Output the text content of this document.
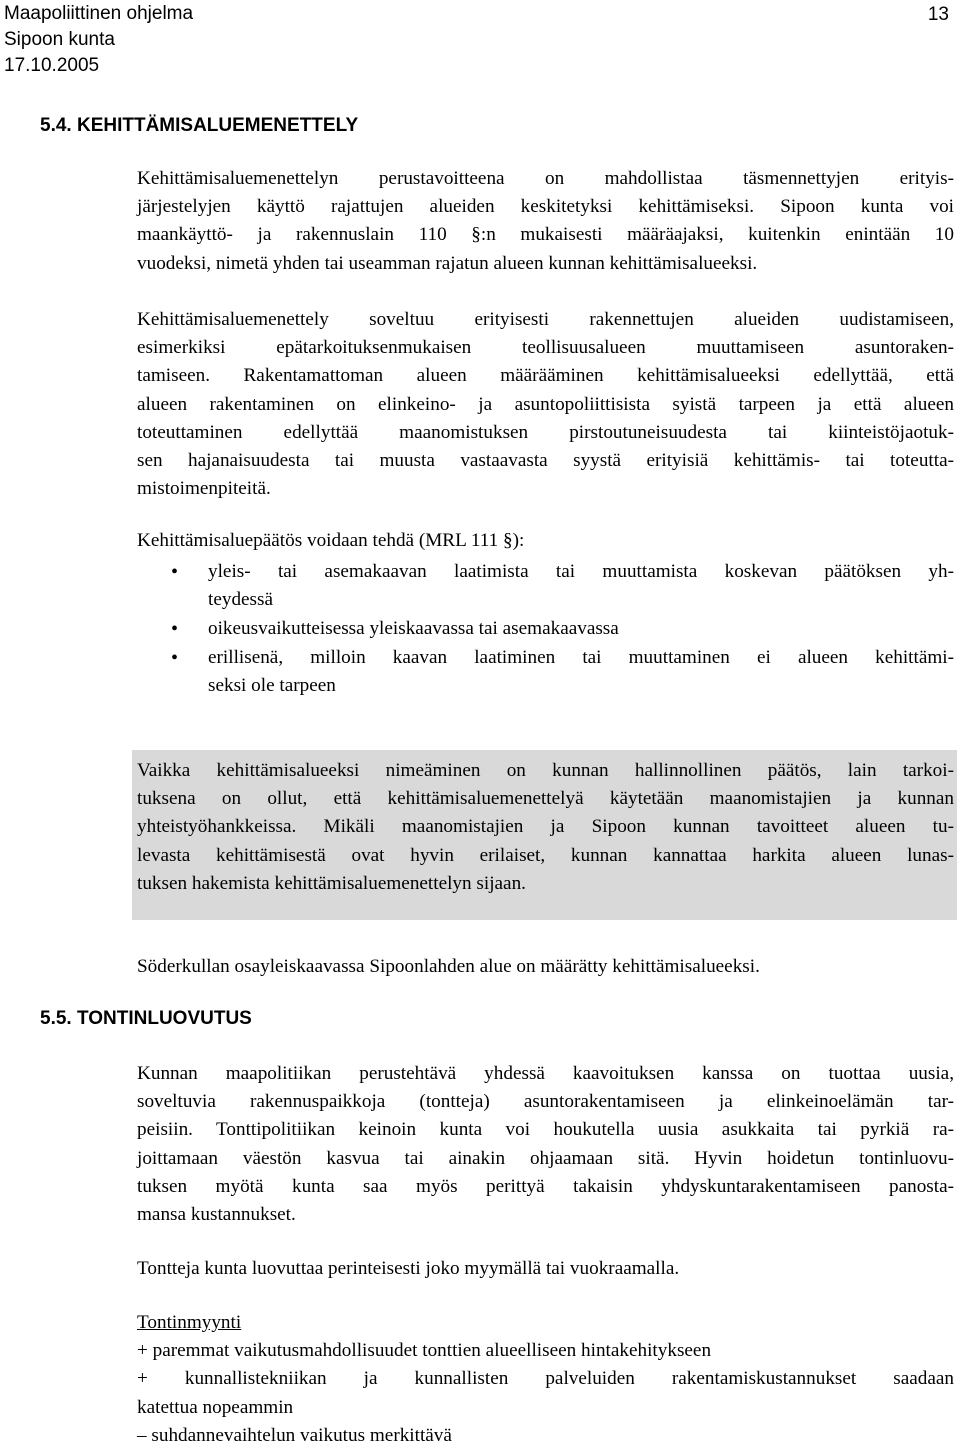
Maapoliittinen ohjelma
Sipoon kunta
17.10.2005
13
5.4. KEHITTÄMISALUEMENETTELY
Kehittämisaluemenettelyn perustavoitteena on mahdollistaa täsmennettyjen erityis-
järjestelyjen käyttö rajattujen alueiden keskitetyksi kehittämiseksi. Sipoon kunta voi
maankäyttö- ja rakennuslain 110 §:n mukaisesti määräajaksi, kuitenkin enintään 10
vuodeksi, nimetä yhden tai useamman rajatun alueen kunnan kehittämisalueeksi.
Kehittämisaluemenettely soveltuu erityisesti rakennettujen alueiden uudistamiseen,
esimerkiksi epätarkoituksenmukaisen teollisuusalueen muuttamiseen asuntoraken-
tamiseen. Rakentamattoman alueen määrääminen kehittämisalueeksi edellyttää, että
alueen rakentaminen on elinkeino- ja asuntopoliittisista syistä tarpeen ja että alueen
toteuttaminen edellyttää maanomistuksen pirstoutuneisuudesta tai kiinteistöjaotuk-
sen hajanaisuudesta tai muusta vastaavasta syystä erityisiä kehittämis- tai toteutta-
mistoimenpiteitä.
Kehittämisaluepäätös voidaan tehdä (MRL 111 §):
• yleis- tai asemakaavan laatimista tai muuttamista koskevan päätöksen yh-
teydessä
• oikeusvaikutteisessa yleiskaavassa tai asemakaavassa
• erillisenä, milloin kaavan laatiminen tai muuttaminen ei alueen kehittämi-
seksi ole tarpeen
Vaikka kehittämisalueeksi nimeäminen on kunnan hallinnollinen päätös, lain tarkoi-
tuksena on ollut, että kehittämisaluemenettelyä käytetään maanomistajien ja kunnan
yhteistyöhankkeissa. Mikäli maanomistajien ja Sipoon kunnan tavoitteet alueen tu-
levasta kehittämisestä ovat hyvin erilaiset, kunnan kannattaa harkita alueen lunas-
tuksen hakemista kehittämisaluemenettelyn sijaan.
Söderkullan osayleiskaavassa Sipoonlahden alue on määrätty kehittämisalueeksi.
5.5. TONTINLUOVUTUS
Kunnan maapolitiikan perustehtävä yhdessä kaavoituksen kanssa on tuottaa uusia,
soveltuvia rakennuspaikkoja (tontteja) asuntorakentamiseen ja elinkeinoelämän tar-
peisiin. Tonttipolitiikan keinoin kunta voi houkutella uusia asukkaita tai pyrkiä ra-
joittamaan väestön kasvua tai ainakin ohjaamaan sitä. Hyvin hoidetun tontinluovu-
tuksen myötä kunta saa myös perittyä takaisin yhdyskuntarakentamiseen panosta-
mansa kustannukset.
Tontteja kunta luovuttaa perinteisesti joko myymällä tai vuokraamalla.
Tontinmyynti
+ paremmat vaikutusmahdollisuudet tonttien alueelliseen hintakehitykseen
+ kunnallistekniikan ja kunnallisten palveluiden rakentamiskustannukset saadaan
katettua nopeammin
– suhdannevaihtelun vaikutus merkittävä
